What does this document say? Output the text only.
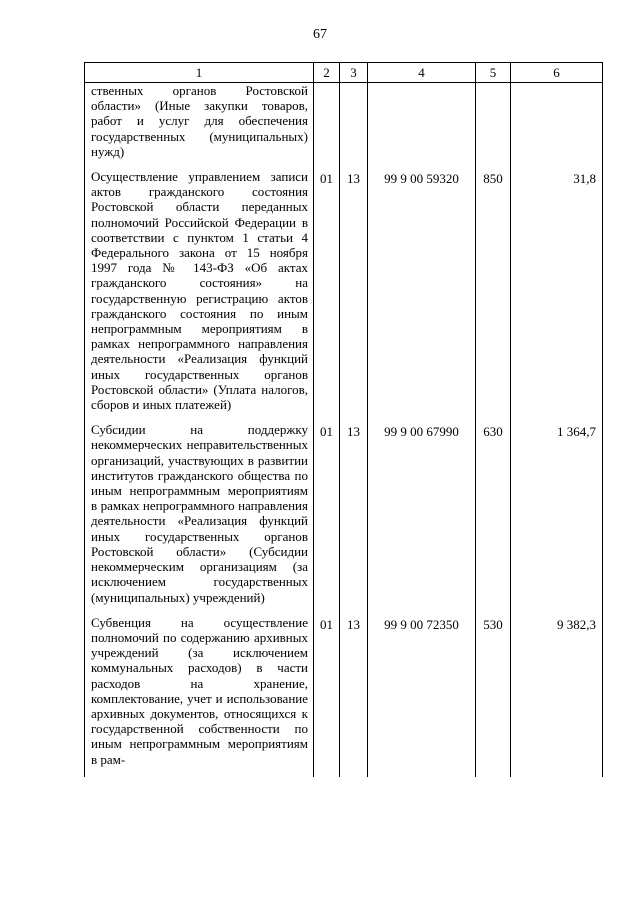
67
1	2	3	4	5	6
ственных органов Ростовской области» (Иные закупки товаров, работ и услуг для обеспечения государственных (муниципальных) нужд)					
Осуществление управлением записи актов гражданского состояния Ростовской области переданных полномочий Российской Федерации в соответствии с пунктом 1 статьи 4 Федерального закона от 15 ноября 1997 года № 143-ФЗ «Об актах гражданского состояния» на государственную регистрацию актов гражданского состояния по иным непрограммным мероприятиям в рамках непрограммного направления деятельности «Реализация функций иных государственных органов Ростовской области» (Уплата налогов, сборов и иных платежей)	01	13	99 9 00 59320	850	31,8
Субсидии на поддержку некоммерческих неправительственных организаций, участвующих в развитии институтов гражданского общества по иным непрограммным мероприятиям в рамках непрограммного направления деятельности «Реализация функций иных государственных органов Ростовской области» (Субсидии некоммерческим организациям (за исключением государственных (муниципальных) учреждений)	01	13	99 9 00 67990	630	1 364,7
Субвенция на осуществление полномочий по содержанию архивных учреждений (за исключением коммунальных расходов) в части расходов на хранение, комплектование, учет и использование архивных документов, относящихся к государственной собственности по иным непрограммным мероприятиям в рам-	01	13	99 9 00 72350	530	9 382,3
